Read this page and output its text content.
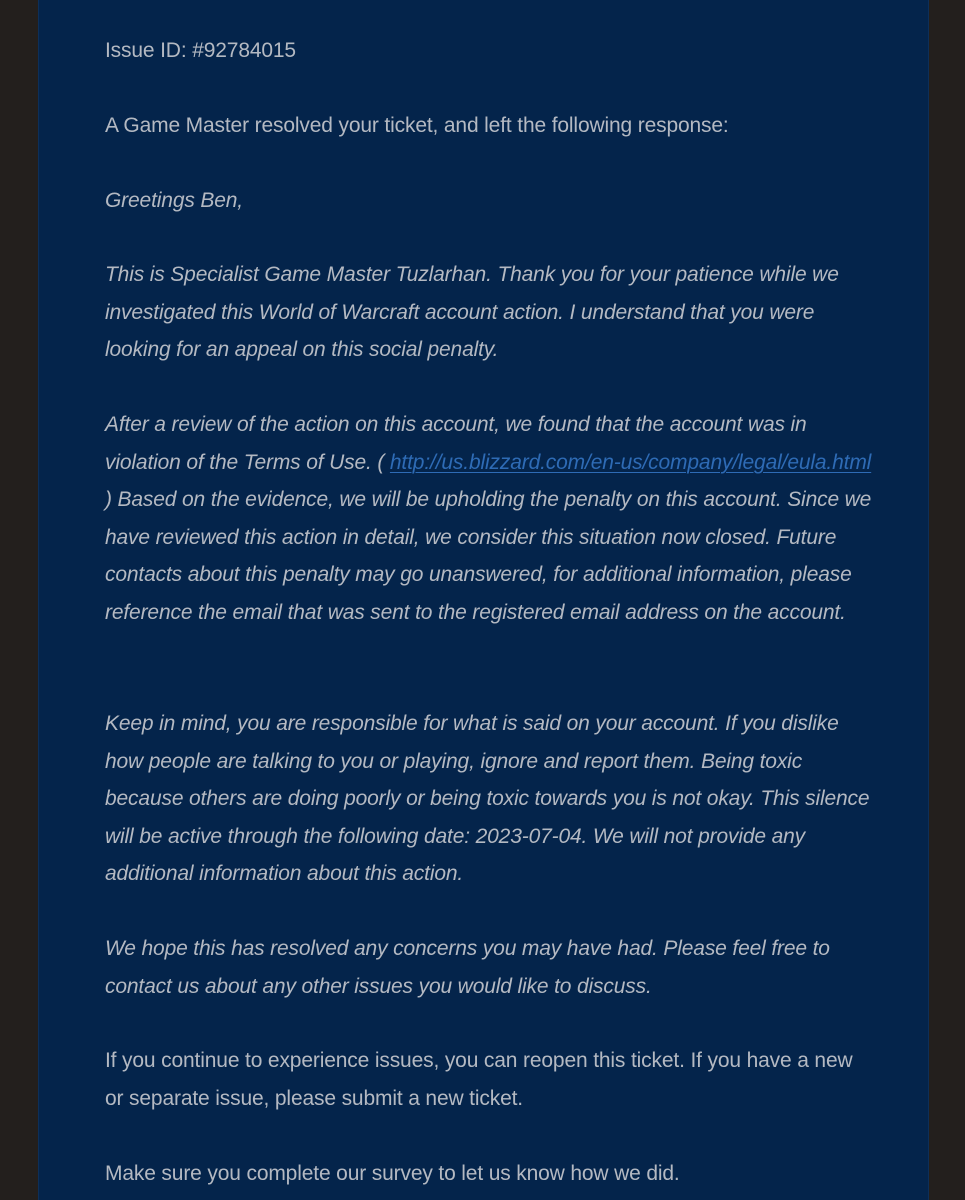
Issue ID: #92784015

A Game Master resolved your ticket, and left the following response:

Greetings Ben,

This is Specialist Game Master Tuzlarhan. Thank you for your patience while we investigated this World of Warcraft account action. I understand that you were looking for an appeal on this social penalty.

After a review of the action on this account, we found that the account was in violation of the Terms of Use. ( http://us.blizzard.com/en-us/company/legal/eula.html ) Based on the evidence, we will be upholding the penalty on this account. Since we have reviewed this action in detail, we consider this situation now closed. Future contacts about this penalty may go unanswered, for additional information, please reference the email that was sent to the registered email address on the account.

Keep in mind, you are responsible for what is said on your account. If you dislike how people are talking to you or playing, ignore and report them. Being toxic because others are doing poorly or being toxic towards you is not okay. This silence will be active through the following date: 2023-07-04. We will not provide any additional information about this action.

We hope this has resolved any concerns you may have had. Please feel free to contact us about any other issues you would like to discuss.

If you continue to experience issues, you can reopen this ticket. If you have a new or separate issue, please submit a new ticket.

Make sure you complete our survey to let us know how we did.
